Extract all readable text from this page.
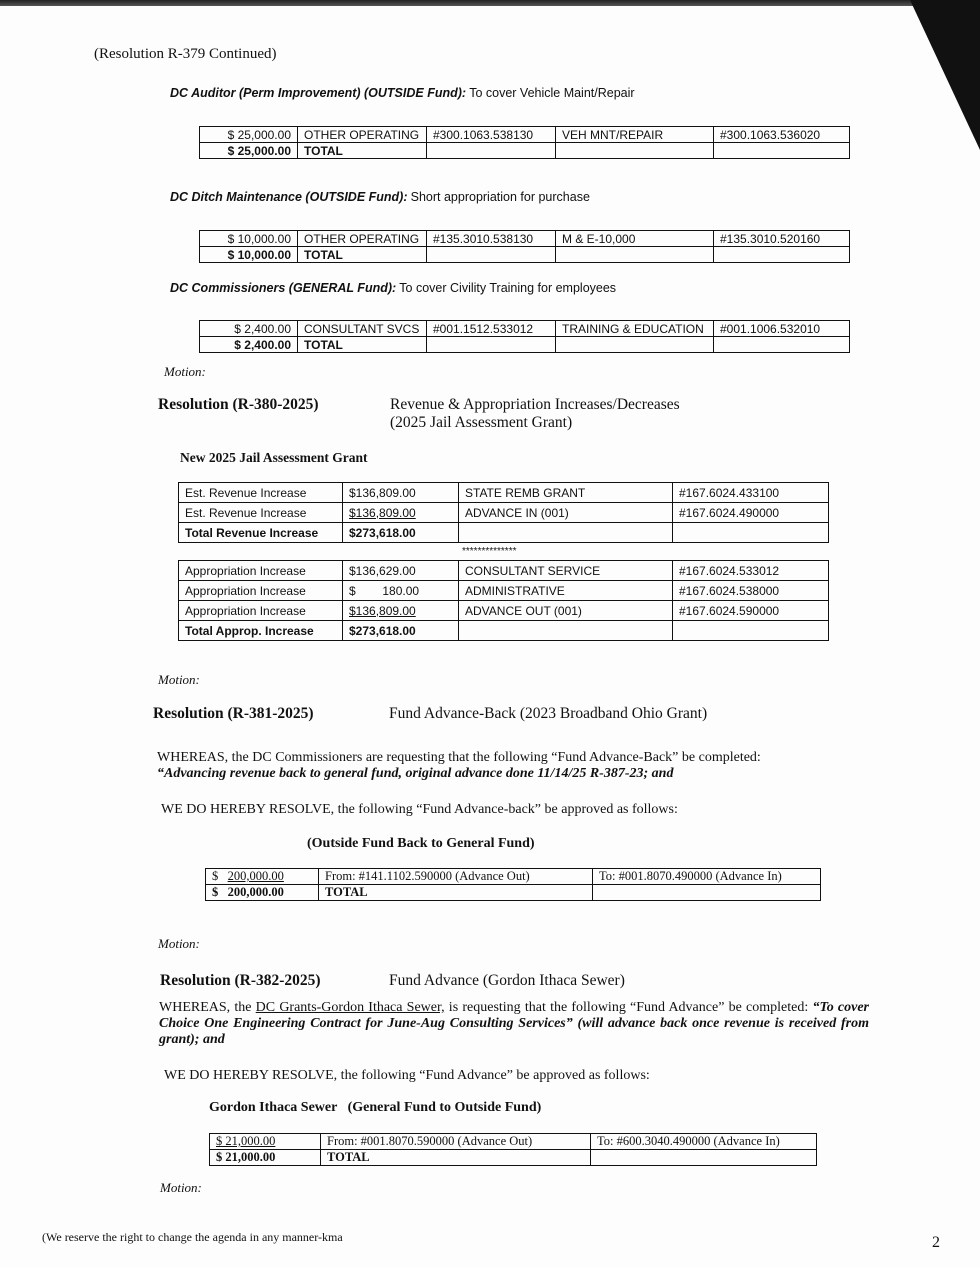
(Resolution R-379 Continued)
DC Auditor (Perm Improvement) (OUTSIDE Fund): To cover Vehicle Maint/Repair
$ 25,000.00	OTHER OPERATING	#300.1063.538130	VEH MNT/REPAIR	#300.1063.536020
$ 25,000.00	TOTAL			
DC Ditch Maintenance (OUTSIDE Fund): Short appropriation for purchase
$ 10,000.00	OTHER OPERATING	#135.3010.538130	M & E-10,000	#135.3010.520160
$ 10,000.00	TOTAL			
DC Commissioners (GENERAL Fund): To cover Civility Training for employees
$ 2,400.00	CONSULTANT SVCS	#001.1512.533012	TRAINING & EDUCATION	#001.1006.532010
$ 2,400.00	TOTAL			
Motion:
Resolution (R-380-2025)	Revenue & Appropriation Increases/Decreases
(2025 Jail Assessment Grant)
New 2025 Jail Assessment Grant
Est. Revenue Increase	$136,809.00	STATE REMB GRANT	#167.6024.433100
Est. Revenue Increase	$136,809.00	ADVANCE IN (001)	#167.6024.490000
Total Revenue Increase	$273,618.00		
**************
Appropriation Increase	$136,629.00	CONSULTANT SERVICE	#167.6024.533012
Appropriation Increase	$        180.00	ADMINISTRATIVE	#167.6024.538000
Appropriation Increase	$136,809.00	ADVANCE OUT (001)	#167.6024.590000
Total Approp. Increase	$273,618.00		
Motion:
Resolution (R-381-2025)	Fund Advance-Back (2023 Broadband Ohio Grant)
WHEREAS, the DC Commissioners are requesting that the following “Fund Advance-Back” be completed:
“Advancing revenue back to general fund, original advance done 11/14/25 R-387-23; and
WE DO HEREBY RESOLVE, the following “Fund Advance-back” be approved as follows:
(Outside Fund Back to General Fund)
$ 200,000.00	From: #141.1102.590000 (Advance Out)	To: #001.8070.490000 (Advance In)
$ 200,000.00	TOTAL	
Motion:
Resolution (R-382-2025)	Fund Advance (Gordon Ithaca Sewer)
WHEREAS, the DC Grants-Gordon Ithaca Sewer, is requesting that the following “Fund Advance” be completed: “To cover Choice One Engineering Contract for June-Aug Consulting Services” (will advance back once revenue is received from grant); and
WE DO HEREBY RESOLVE, the following “Fund Advance” be approved as follows:
Gordon Ithaca Sewer   (General Fund to Outside Fund)
$ 21,000.00	From: #001.8070.590000 (Advance Out)	To: #600.3040.490000 (Advance In)
$ 21,000.00	TOTAL	
Motion:
(We reserve the right to change the agenda in any manner-kma	2
